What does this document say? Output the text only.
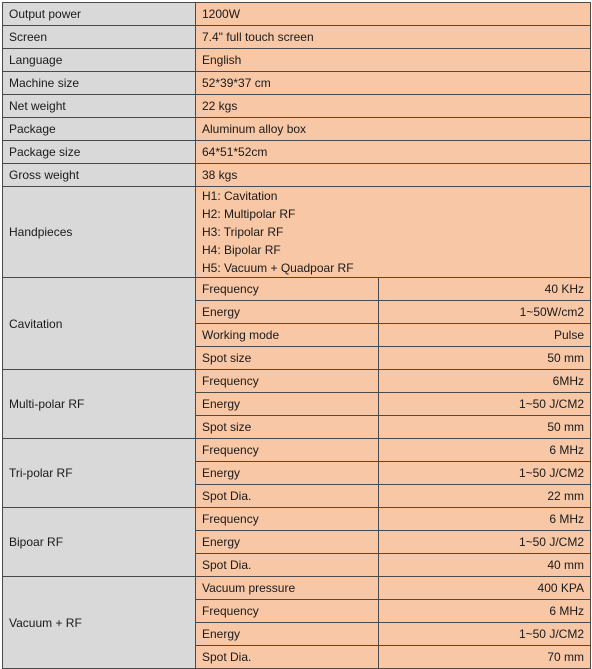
Output power	1200W	
Screen	7.4" full touch screen	
Language	English	
Machine size	52*39*37 cm	
Net weight	22 kgs	
Package	Aluminum alloy box	
Package size	64*51*52cm	
Gross weight	38 kgs	
Handpieces	H1: Cavitation
H2: Multipolar RF
H3: Tripolar RF
H4: Bipolar RF
H5: Vacuum + Quadpoar RF	

Cavitation	Frequency	40 KHz
	Energy	1~50W/cm2
	Working mode	Pulse
	Spot size	50 mm
Multi-polar RF	Frequency	6MHz
	Energy	1~50 J/CM2
	Spot size	50 mm
Tri-polar RF	Frequency	6 MHz
	Energy	1~50 J/CM2
	Spot Dia.	22 mm
Bipoar RF	Frequency	6 MHz
	Energy	1~50 J/CM2
	Spot Dia.	40 mm
Vacuum + RF	Vacuum pressure	400 KPA
	Frequency	6 MHz
	Energy	1~50 J/CM2
	Spot Dia.	70 mm
